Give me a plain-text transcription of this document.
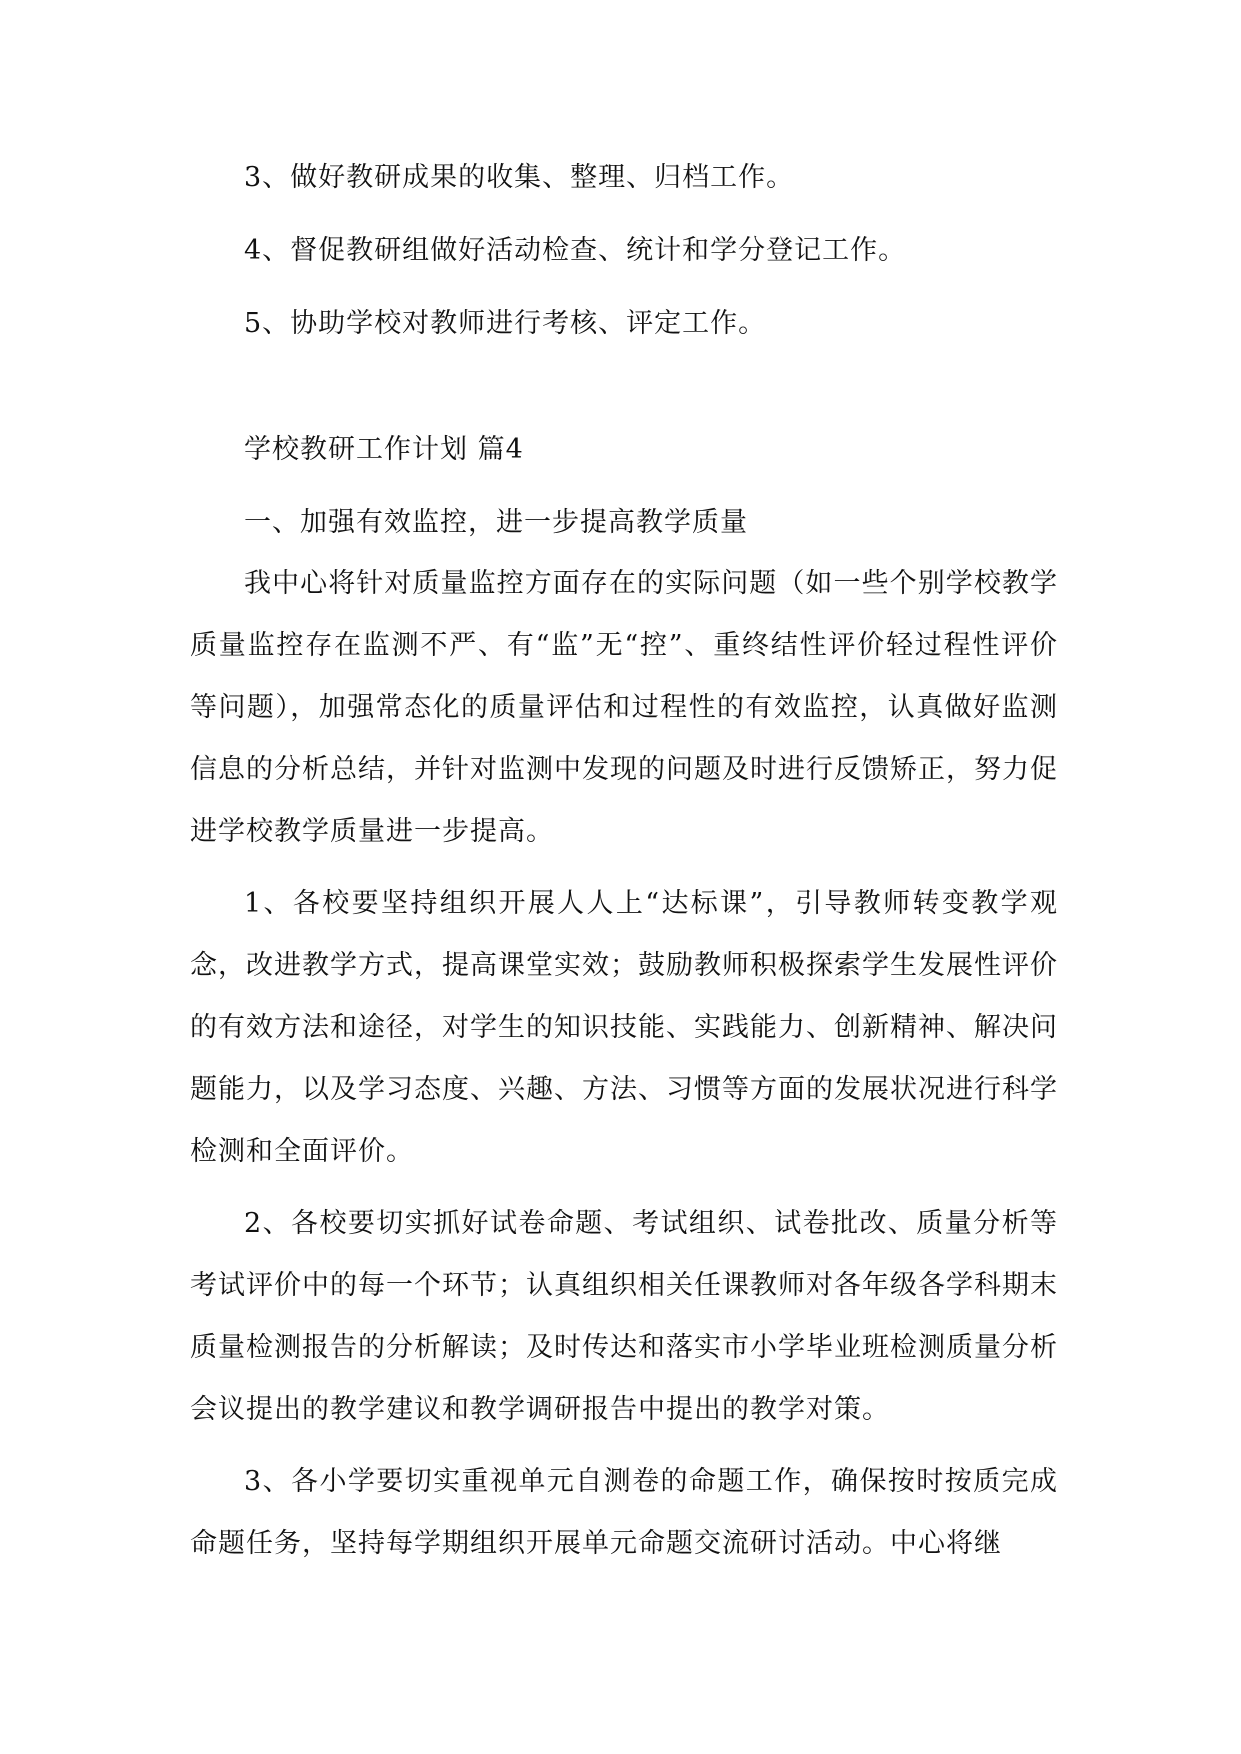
3、做好教研成果的收集、整理、归档工作。
4、督促教研组做好活动检查、统计和学分登记工作。
5、协助学校对教师进行考核、评定工作。
学校教研工作计划 篇4
一、加强有效监控，进一步提高教学质量

我中心将针对质量监控方面存在的实际问题（如一些个别学校教学质量监控存在监测不严、有“监”无“控”、重终结性评价轻过程性评价等问题），加强常态化的质量评估和过程性的有效监控，认真做好监测信息的分析总结，并针对监测中发现的问题及时进行反馈矫正，努力促进学校教学质量进一步提高。

1、各校要坚持组织开展人人上“达标课”，引导教师转变教学观念，改进教学方式，提高课堂实效；鼓励教师积极探索学生发展性评价的有效方法和途径，对学生的知识技能、实践能力、创新精神、解决问题能力，以及学习态度、兴趣、方法、习惯等方面的发展状况进行科学检测和全面评价。

2、各校要切实抓好试卷命题、考试组织、试卷批改、质量分析等考试评价中的每一个环节；认真组织相关任课教师对各年级各学科期末质量检测报告的分析解读；及时传达和落实市小学毕业班检测质量分析会议提出的教学建议和教学调研报告中提出的教学对策。

3、各小学要切实重视单元自测卷的命题工作，确保按时按质完成命题任务，坚持每学期组织开展单元命题交流研讨活动。中心将继
